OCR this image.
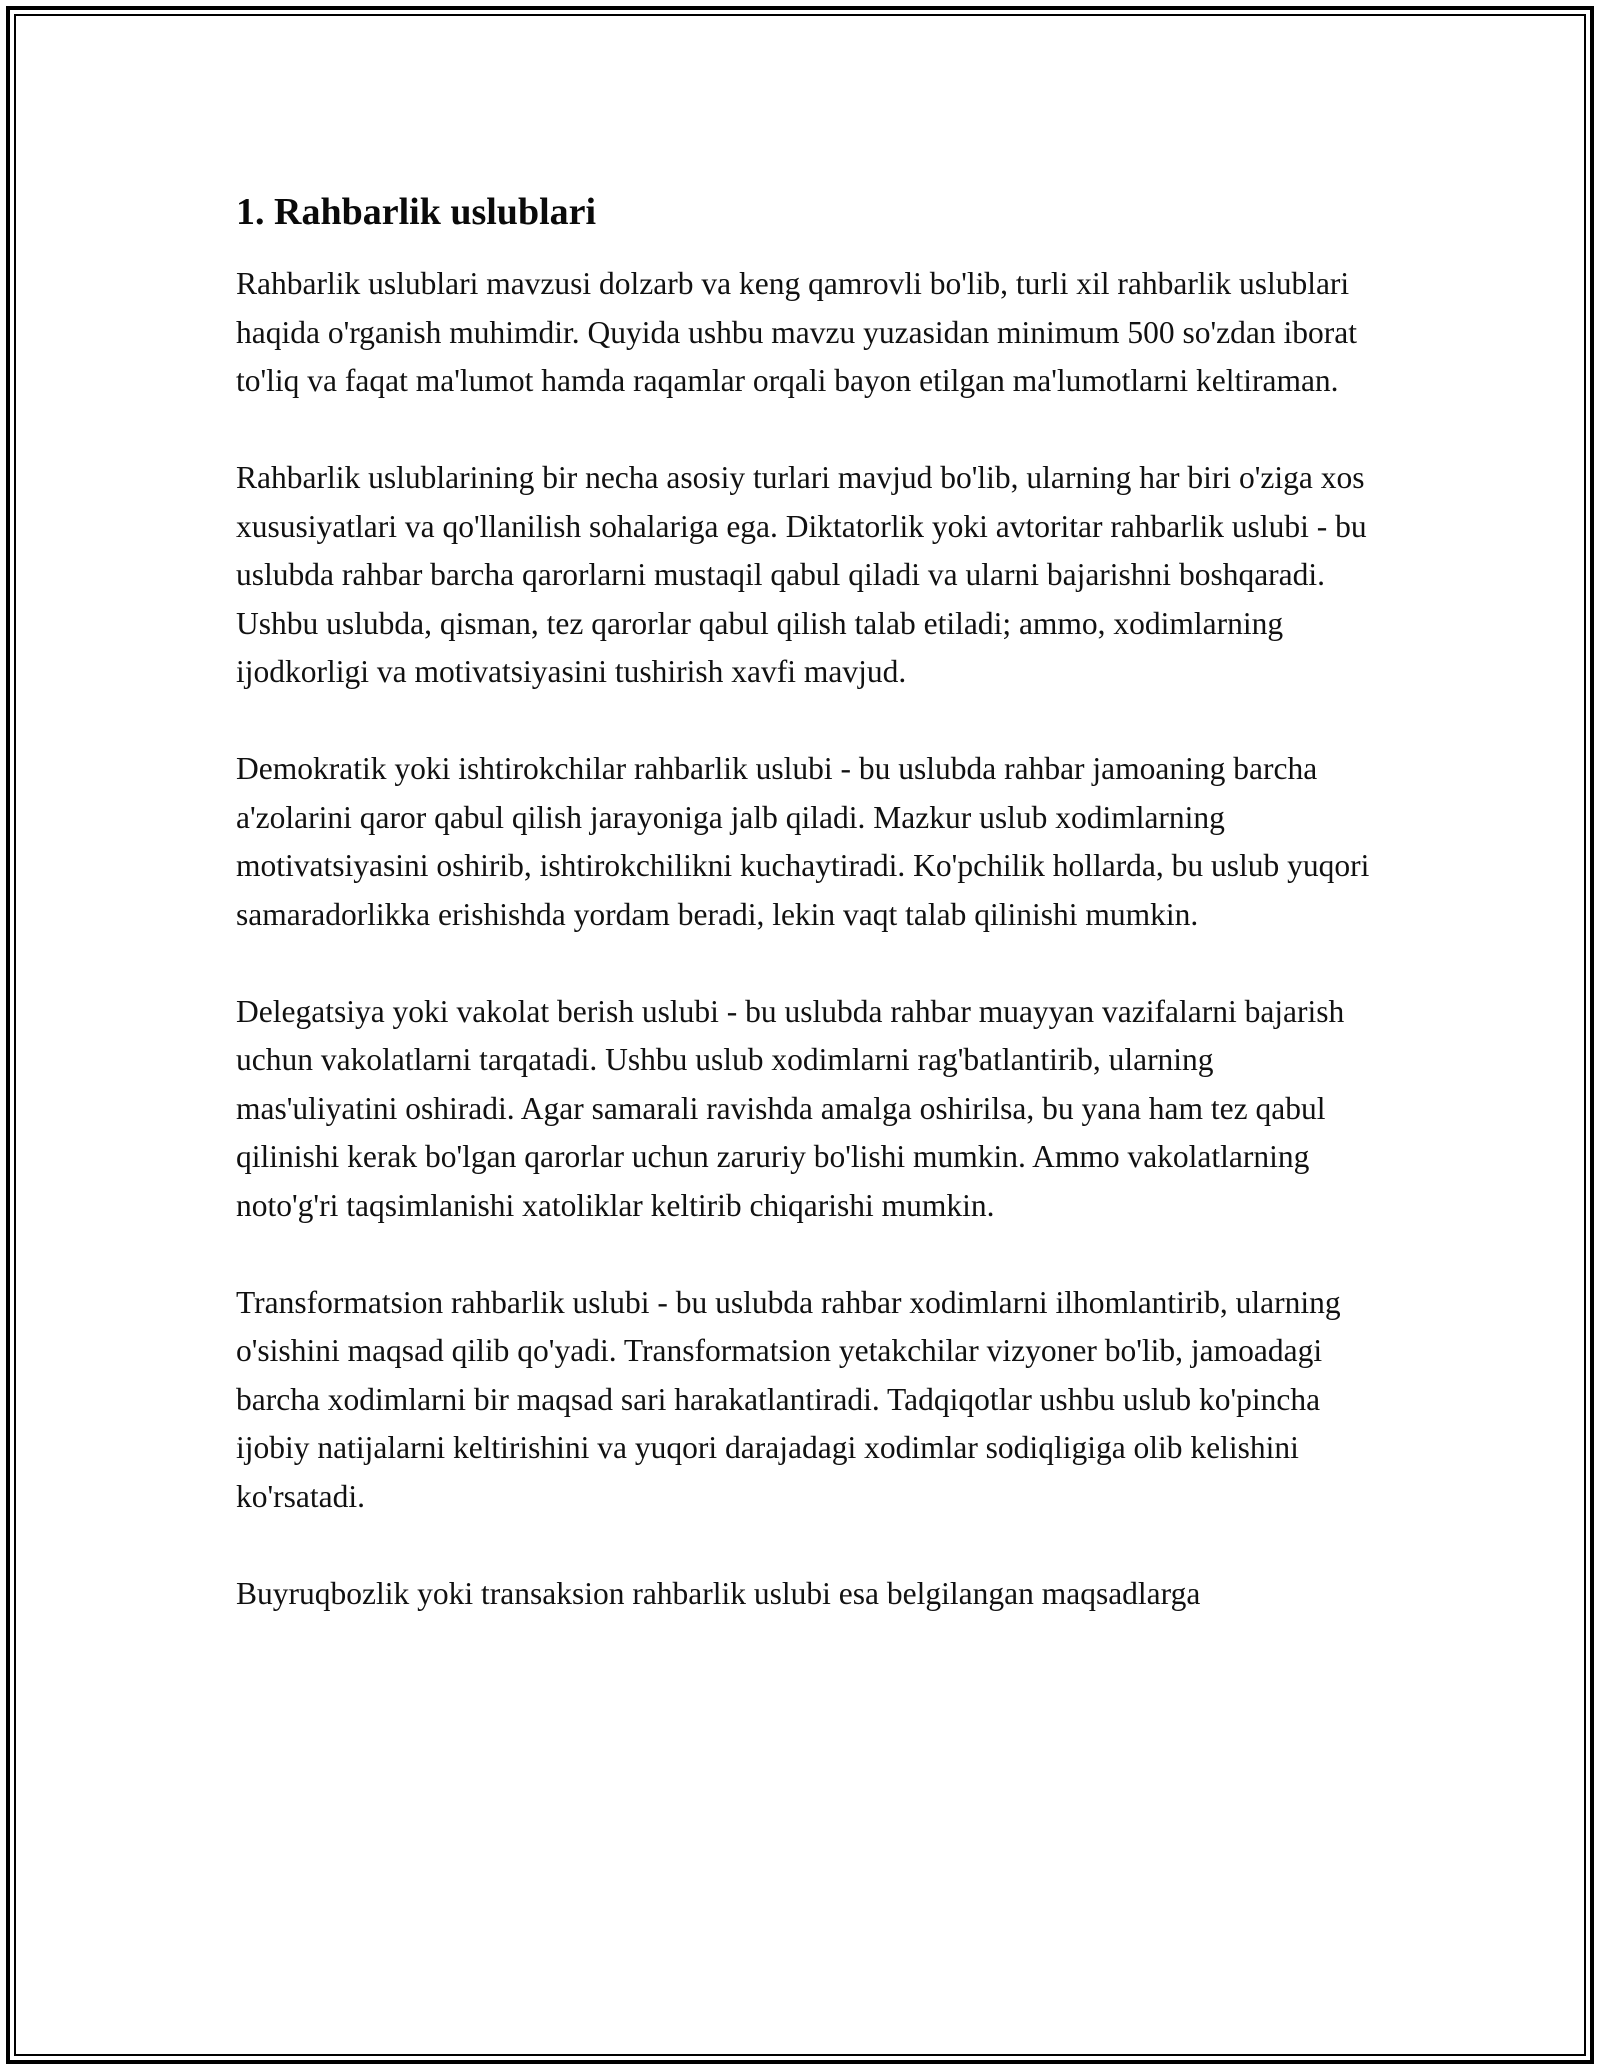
1. Rahbarlik uslublari

Rahbarlik uslublari mavzusi dolzarb va keng qamrovli bo'lib, turli xil rahbarlik uslublari haqida o'rganish muhimdir. Quyida ushbu mavzu yuzasidan minimum 500 so'zdan iborat to'liq va faqat ma'lumot hamda raqamlar orqali bayon etilgan ma'lumotlarni keltiraman.

Rahbarlik uslublarining bir necha asosiy turlari mavjud bo'lib, ularning har biri o'ziga xos xususiyatlari va qo'llanilish sohalariga ega. Diktatorlik yoki avtoritar rahbarlik uslubi - bu uslubda rahbar barcha qarorlarni mustaqil qabul qiladi va ularni bajarishni boshqaradi. Ushbu uslubda, qisman, tez qarorlar qabul qilish talab etiladi; ammo, xodimlarning ijodkorligi va motivatsiyasini tushirish xavfi mavjud.

Demokratik yoki ishtirokchilar rahbarlik uslubi - bu uslubda rahbar jamoaning barcha a'zolarini qaror qabul qilish jarayoniga jalb qiladi. Mazkur uslub xodimlarning motivatsiyasini oshirib, ishtirokchilikni kuchaytiradi. Ko'pchilik hollarda, bu uslub yuqori samaradorlikka erishishda yordam beradi, lekin vaqt talab qilinishi mumkin.

Delegatsiya yoki vakolat berish uslubi - bu uslubda rahbar muayyan vazifalarni bajarish uchun vakolatlarni tarqatadi. Ushbu uslub xodimlarni rag'batlantirib, ularning mas'uliyatini oshiradi. Agar samarali ravishda amalga oshirilsa, bu yana ham tez qabul qilinishi kerak bo'lgan qarorlar uchun zaruriy bo'lishi mumkin. Ammo vakolatlarning noto'g'ri taqsimlanishi xatoliklar keltirib chiqarishi mumkin.

Transformatsion rahbarlik uslubi - bu uslubda rahbar xodimlarni ilhomlantirib, ularning o'sishini maqsad qilib qo'yadi. Transformatsion yetakchilar vizyoner bo'lib, jamoadagi barcha xodimlarni bir maqsad sari harakatlantiradi. Tadqiqotlar ushbu uslub ko'pincha ijobiy natijalarni keltirishini va yuqori darajadagi xodimlar sodiqligiga olib kelishini ko'rsatadi.

Buyruqbozlik yoki transaksion rahbarlik uslubi esa belgilangan maqsadlarga
